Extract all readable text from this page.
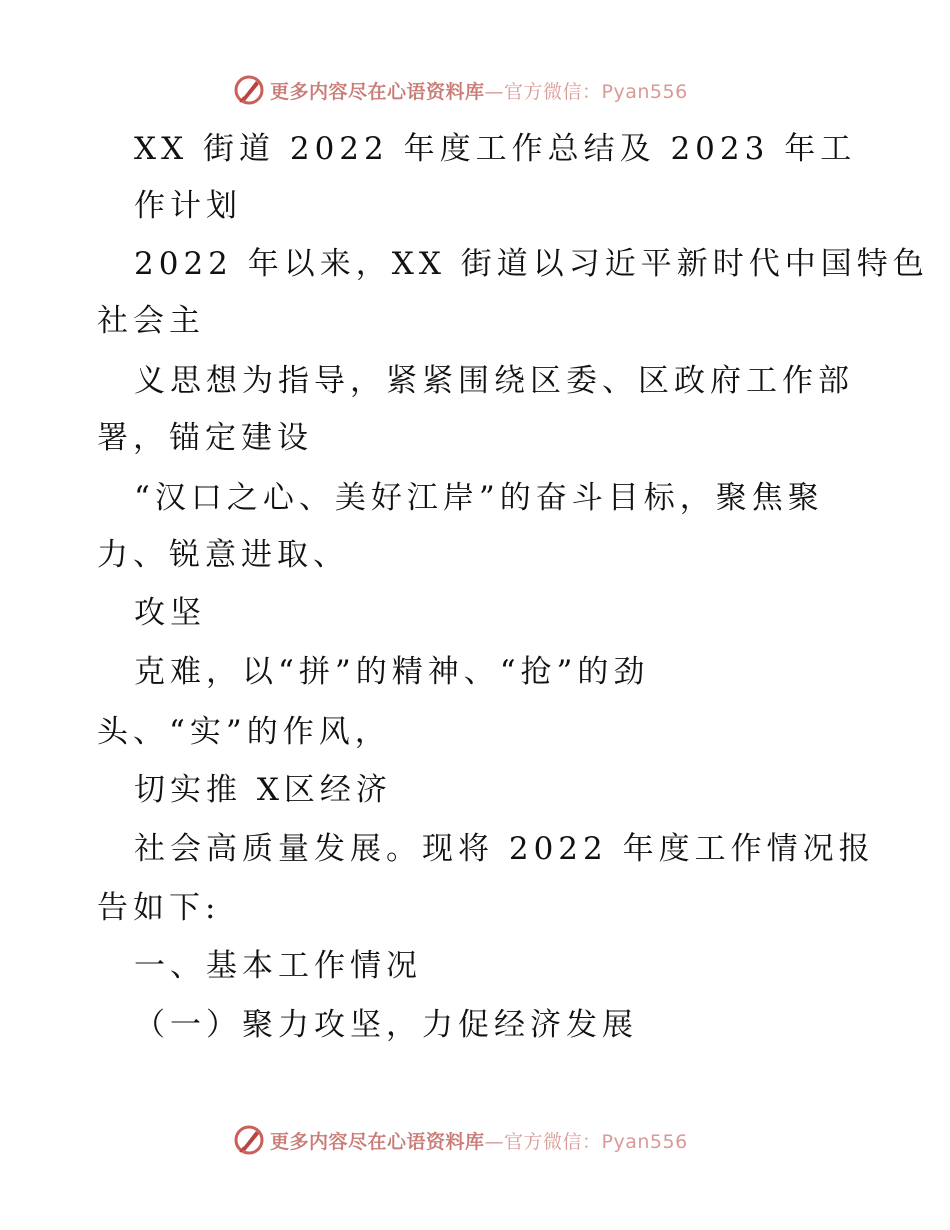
更多内容尽在心语资料库—官方微信：Pyan556
XX 街道 2022 年度工作总结及 2023 年工
作计划
2022 年以来，XX 街道以习近平新时代中国特色
社会主
义思想为指导，紧紧围绕区委、区政府工作部
署，锚定建设
“汉口之心、美好江岸”的奋斗目标，聚焦聚
力、锐意进取、
攻坚
克难，以“拼”的精神、“抢”的劲
头、“实”的作风，
切实推 X区经济
社会高质量发展。现将 2022 年度工作情况报
告如下:
一、基本工作情况
（一）聚力攻坚，力促经济发展
更多内容尽在心语资料库—官方微信：Pyan556
